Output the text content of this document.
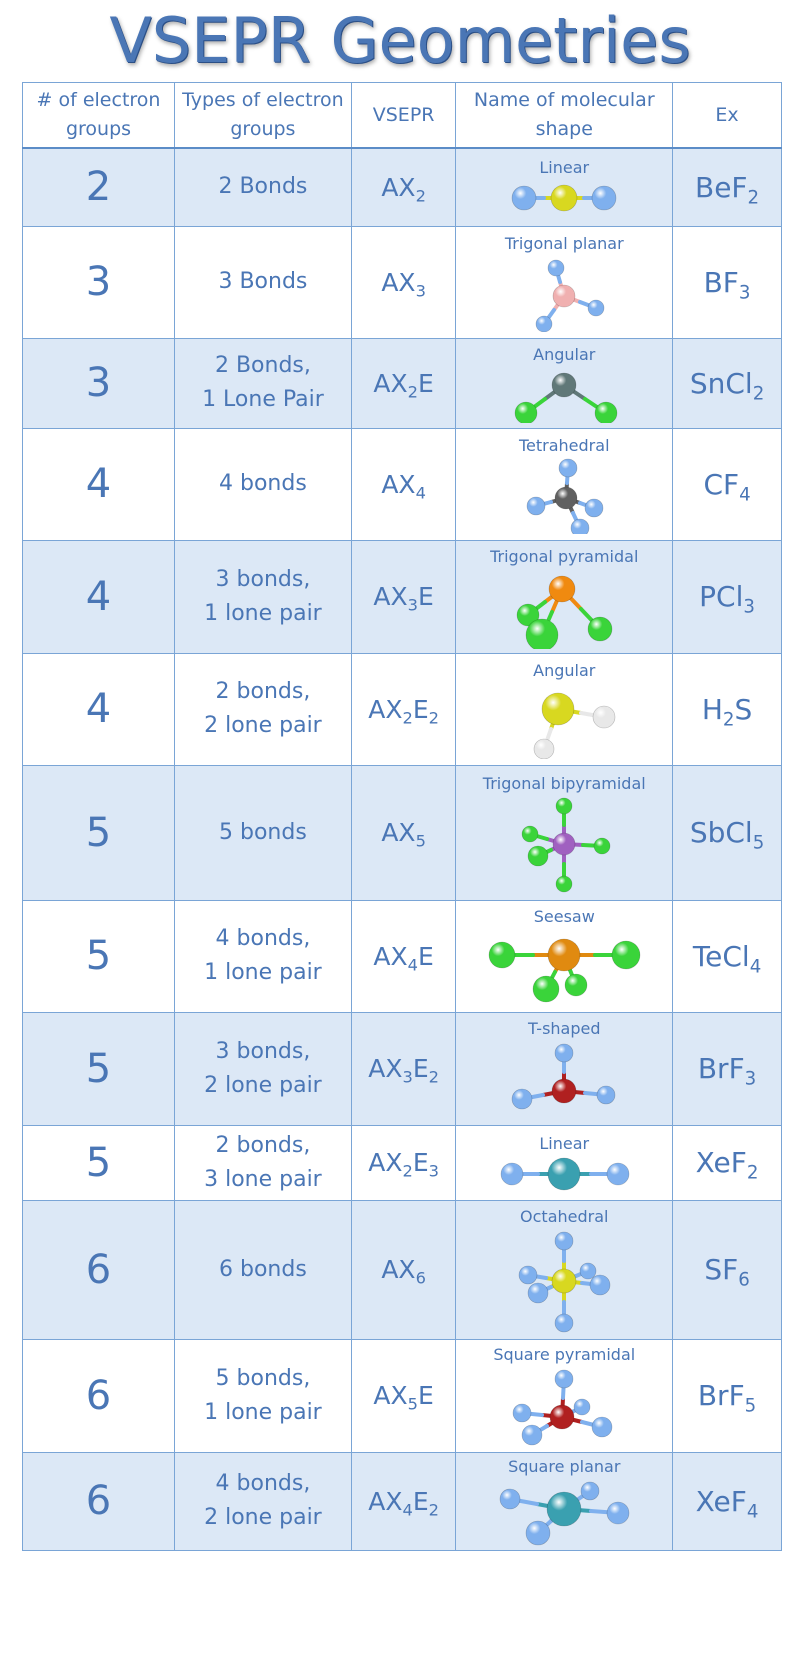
VSEPR Geometries
# of electron groups	Types of electron groups	VSEPR	Name of molecular shape	Ex
2	2 Bonds	$AX_2$	Linear	BeF$_2$
3	3 Bonds	$AX_3$	Trigonal planar	$BF_3$
3	2 Bonds,
1 Lone Pair	$AX_2E$	Angular	SnCl$_2$
4	4 bonds	$AX_4$	Tetrahedral	$CF_4$
4	3 bonds,
1 lone pair	$AX_3E$	Trigonal pyramidal	PCl$_3$
4	2 bonds,
2 lone pair	$AX_2E_2$	Angular	$H_2S$
5	5 bonds	$AX_5$	Trigonal bipyramidal	SbCl$_5$
5	4 bonds,
1 lone pair	$AX_4E$	Seesaw	TeCl$_4$
5	3 bonds,
2 lone pair	$AX_3E_2$	T-shaped	BrF$_3$
5	2 bonds,
3 lone pair	$AX_2E_3$	Linear	XeF$_2$
6	6 bonds	$AX_6$	Octahedral	$SF_6$
6	5 bonds,
1 lone pair	$AX_5E$	Square pyramidal	BrF$_5$
6	4 bonds,
2 lone pair	$AX_4E_2$	Square planar	XeF$_4$
